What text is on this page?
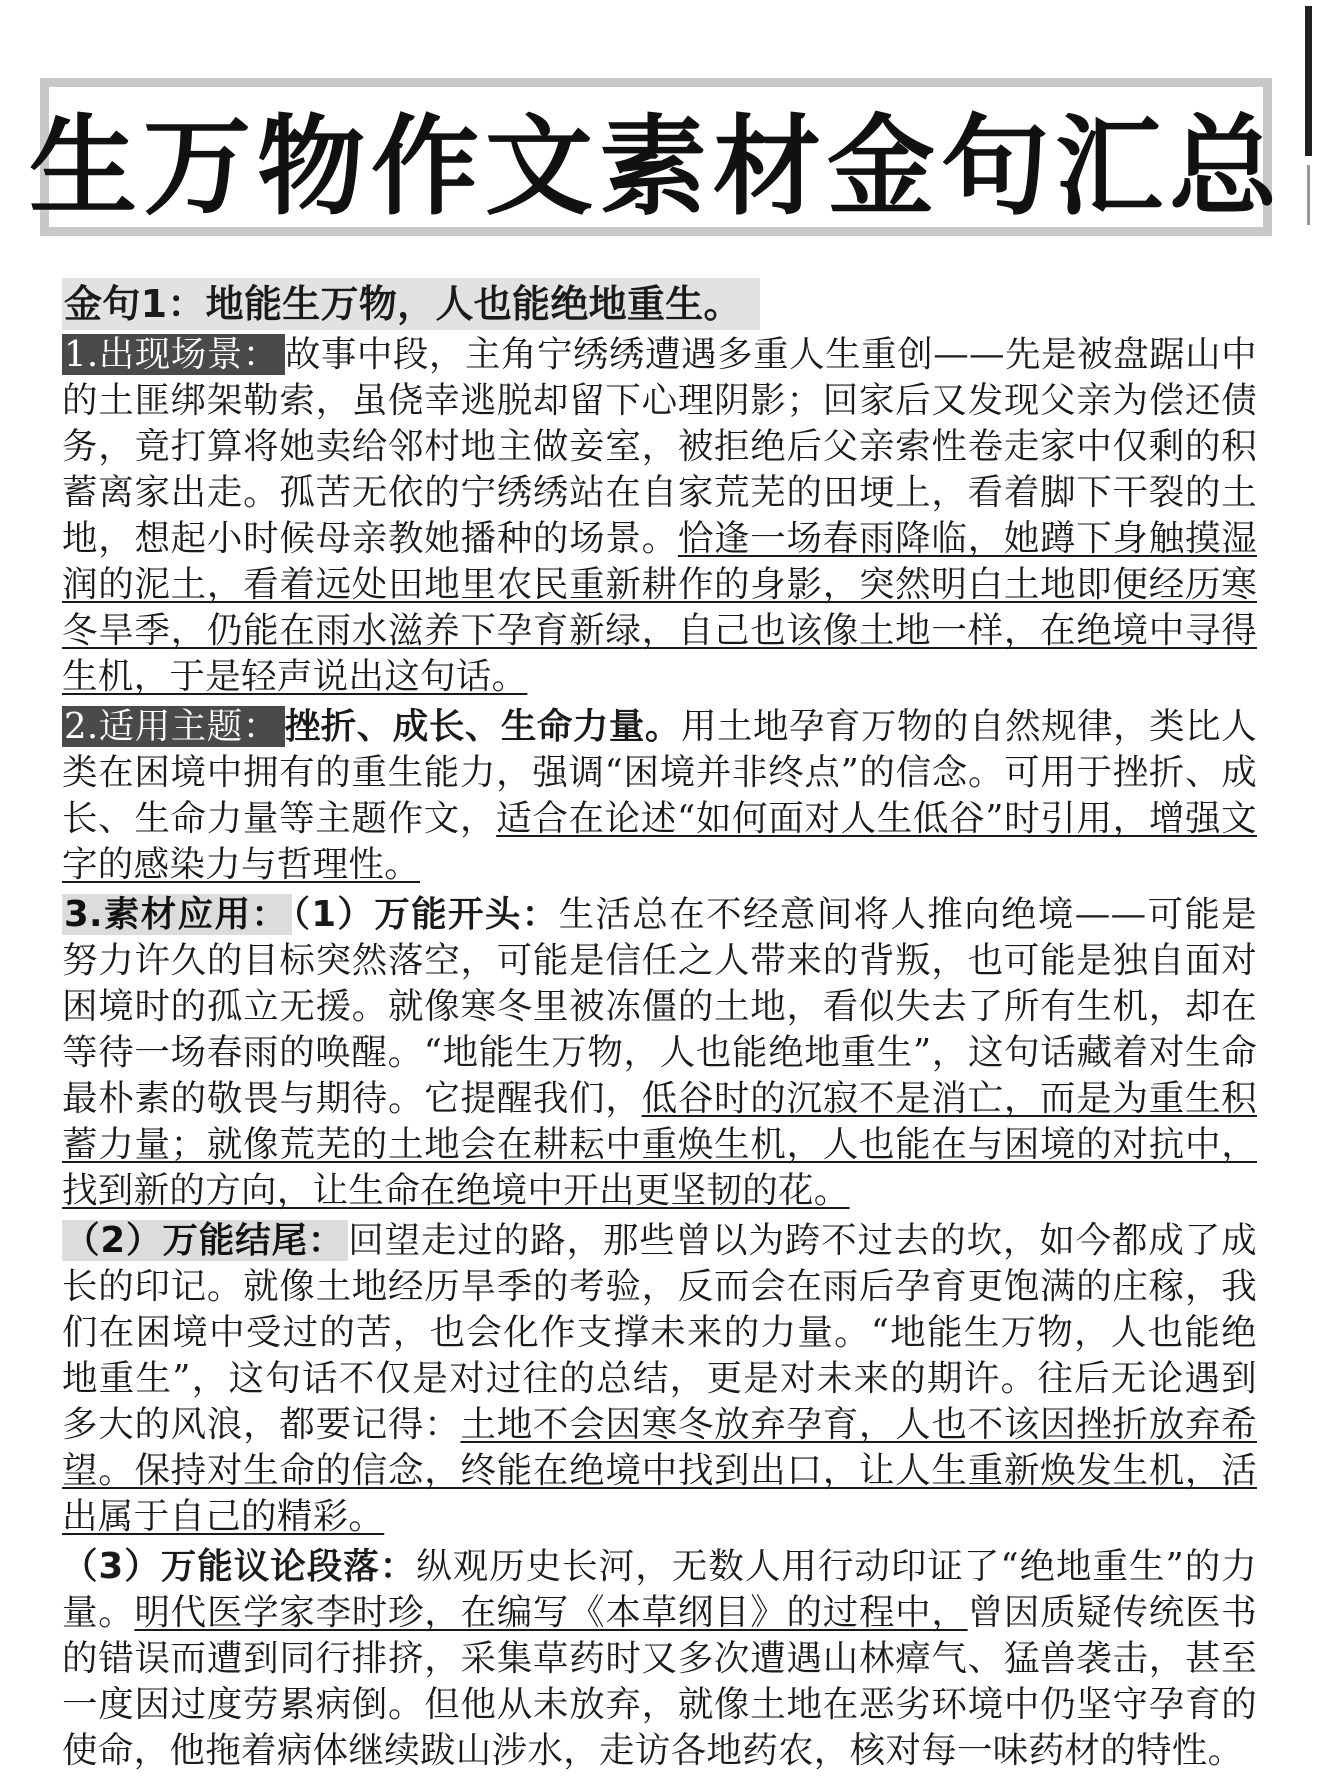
生万物作文素材金句汇总
金句1：地能生万物，人也能绝地重生。

1.出现场景： 故事中段，主角宁绣绣遭遇多重人生重创——先是被盘踞山中的土匪绑架勒索，虽侥幸逃脱却留下心理阴影；回家后又发现父亲为偿还债务，竟打算将她卖给邻村地主做妾室，被拒绝后父亲索性卷走家中仅剩的积蓄离家出走。孤苦无依的宁绣绣站在自家荒芜的田埂上，看着脚下干裂的土地，想起小时候母亲教她播种的场景。恰逢一场春雨降临，她蹲下身触摸湿润的泥土，看着远处田地里农民重新耕作的身影，突然明白土地即便经历寒冬旱季，仍能在雨水滋养下孕育新绿，自己也该像土地一样，在绝境中寻得生机，于是轻声说出这句话。

2.适用主题： 挫折、成长、生命力量。用土地孕育万物的自然规律，类比人类在困境中拥有的重生能力，强调“困境并非终点”的信念。可用于挫折、成长、生命力量等主题作文，适合在论述“如何面对人生低谷”时引用，增强文字的感染力与哲理性。

3.素材应用： （1）万能开头：生活总在不经意间将人推向绝境——可能是努力许久的目标突然落空，可能是信任之人带来的背叛，也可能是独自面对困境时的孤立无援。就像寒冬里被冻僵的土地，看似失去了所有生机，却在等待一场春雨的唤醒。“地能生万物，人也能绝地重生”，这句话藏着对生命最朴素的敬畏与期待。它提醒我们，低谷时的沉寂不是消亡，而是为重生积蓄力量；就像荒芜的土地会在耕耘中重焕生机，人也能在与困境的对抗中，找到新的方向，让生命在绝境中开出更坚韧的花。

（2）万能结尾： 回望走过的路，那些曾以为跨不过去的坎，如今都成了成长的印记。就像土地经历旱季的考验，反而会在雨后孕育更饱满的庄稼，我们在困境中受过的苦，也会化作支撑未来的力量。“地能生万物，人也能绝地重生”，这句话不仅是对过往的总结，更是对未来的期许。往后无论遇到多大的风浪，都要记得：土地不会因寒冬放弃孕育，人也不该因挫折放弃希望。保持对生命的信念，终能在绝境中找到出口，让人生重新焕发生机，活出属于自己的精彩。

（3）万能议论段落：纵观历史长河，无数人用行动印证了“绝地重生”的力量。明代医学家李时珍，在编写《本草纲目》的过程中，曾因质疑传统医书的错误而遭到同行排挤，采集草药时又多次遭遇山林瘴气、猛兽袭击，甚至一度因过度劳累病倒。但他从未放弃，就像土地在恶劣环境中仍坚守孕育的使命，他拖着病体继续跋山涉水，走访各地药农，核对每一味药材的特性。
